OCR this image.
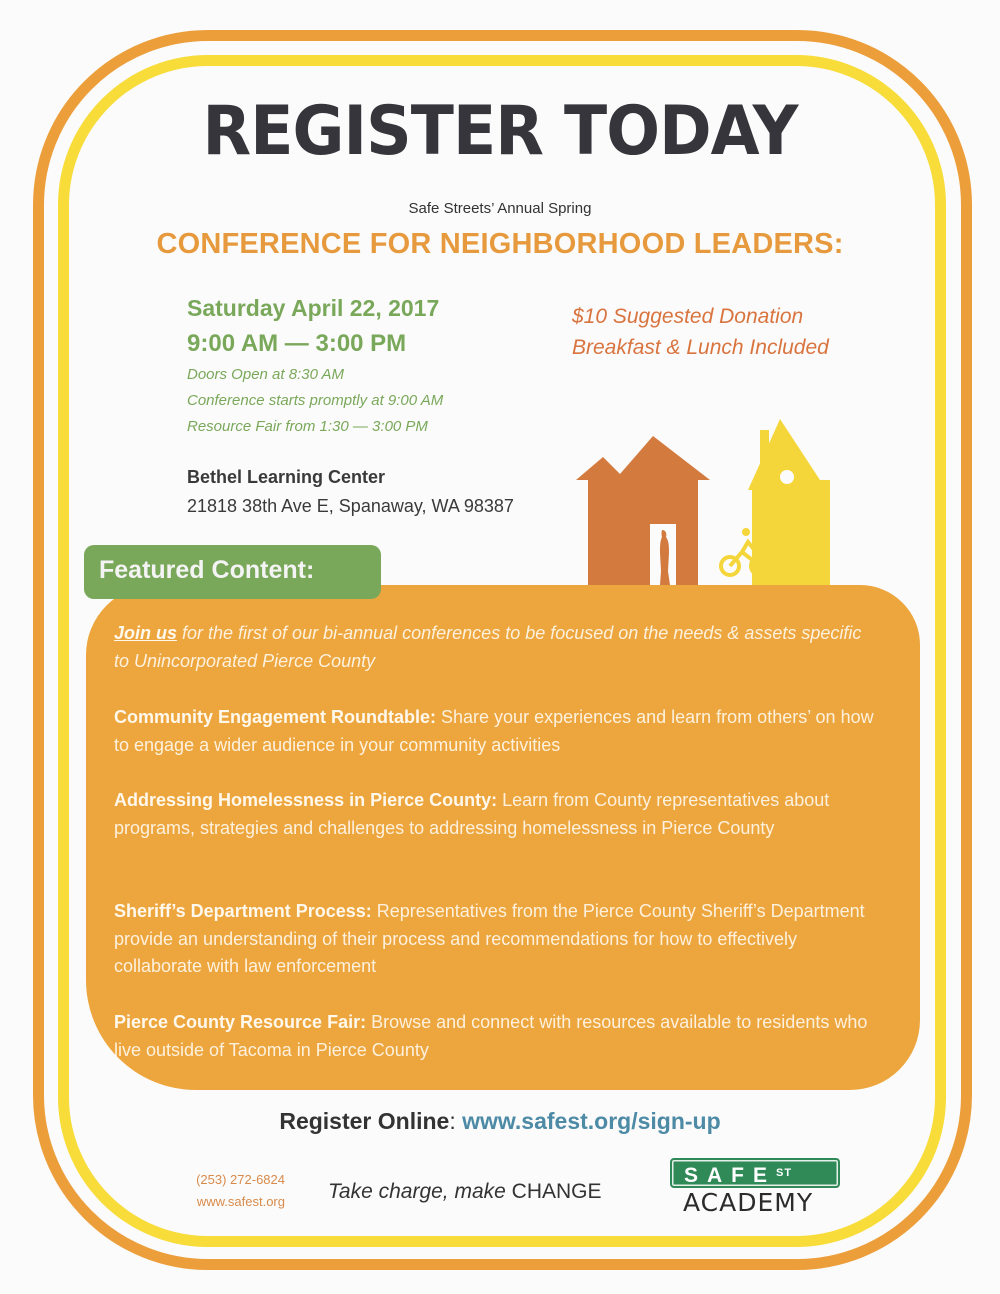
REGISTER TODAY
Safe Streets’ Annual Spring
CONFERENCE FOR NEIGHBORHOOD LEADERS:
Saturday April 22, 2017
9:00 AM — 3:00 PM
Doors Open at 8:30 AM
Conference starts promptly at 9:00 AM
Resource Fair from 1:30 — 3:00 PM
Bethel Learning Center
21818 38th Ave E, Spanaway, WA 98387
$10 Suggested Donation
Breakfast & Lunch Included
Featured Content:
Join us for the first of our bi-annual conferences to be focused on the needs & assets specific to Unincorporated Pierce County
Community Engagement Roundtable: Share your experiences and learn from others’ on how to engage a wider audience in your community activities
Addressing Homelessness in Pierce County: Learn from County representatives about programs, strategies and challenges to addressing homelessness in Pierce County
Sheriff’s Department Process: Representatives from the Pierce County Sheriff’s Department provide an understanding of their process and recommendations for how to effectively collaborate with law enforcement
Pierce County Resource Fair: Browse and connect with resources available to residents who live outside of Tacoma in Pierce County
Register Online: www.safest.org/sign-up
(253) 272-6824
www.safest.org Take charge, make CHANGE
$SAFE^{ST}$
ACADEMY
